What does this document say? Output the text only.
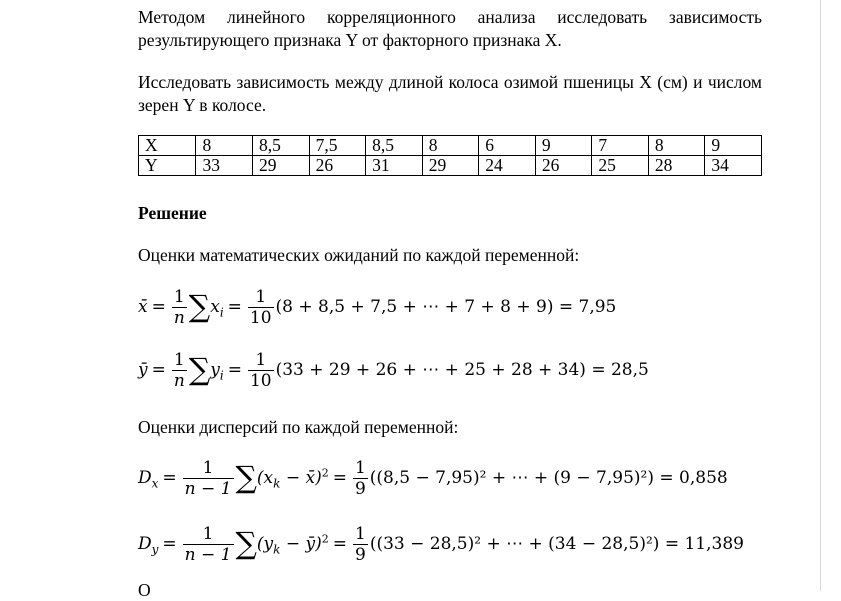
Методом линейного корреляционного анализа исследовать зависимость результирующего признака Y от факторного признака X.

Исследовать зависимость между длиной колоса озимой пшеницы X (см) и числом зерен Y в колосе.

X	8	8,5	7,5	8,5	8	6	9	7	8	9
Y	33	29	26	31	29	24	26	25	28	34
Решение
Оценки математических ожиданий по каждой переменной:
x̄ = $\frac{1}{n} \sum x_i = \frac{1}{10} (8 + 8,5 + 7,5$ + ⋯ + 7 + 8 + 9) = 7,95
ȳ = $\frac{1}{n} \sum y_i = \frac{1}{10} (33 + 29 + 26$ + ⋯ + 25 + 28 + 34) = 28,5
Оценки дисперсий по каждой переменной:
$D_x = \frac{1}{n - 1} \sum(x_k$ − x̄)$^2$ = $\frac{1}{9} ((8,5 - 7,95)^2$ + ⋯ + (9 − 7,95)²) = 0,858
$D_y = \frac{1}{n - 1} \sum(y_k$ − ȳ)$^2$ = $\frac{1}{9} ((33 - 28,5)^2$ + ⋯ + (34 − 28,5)²) = 11,389
О
